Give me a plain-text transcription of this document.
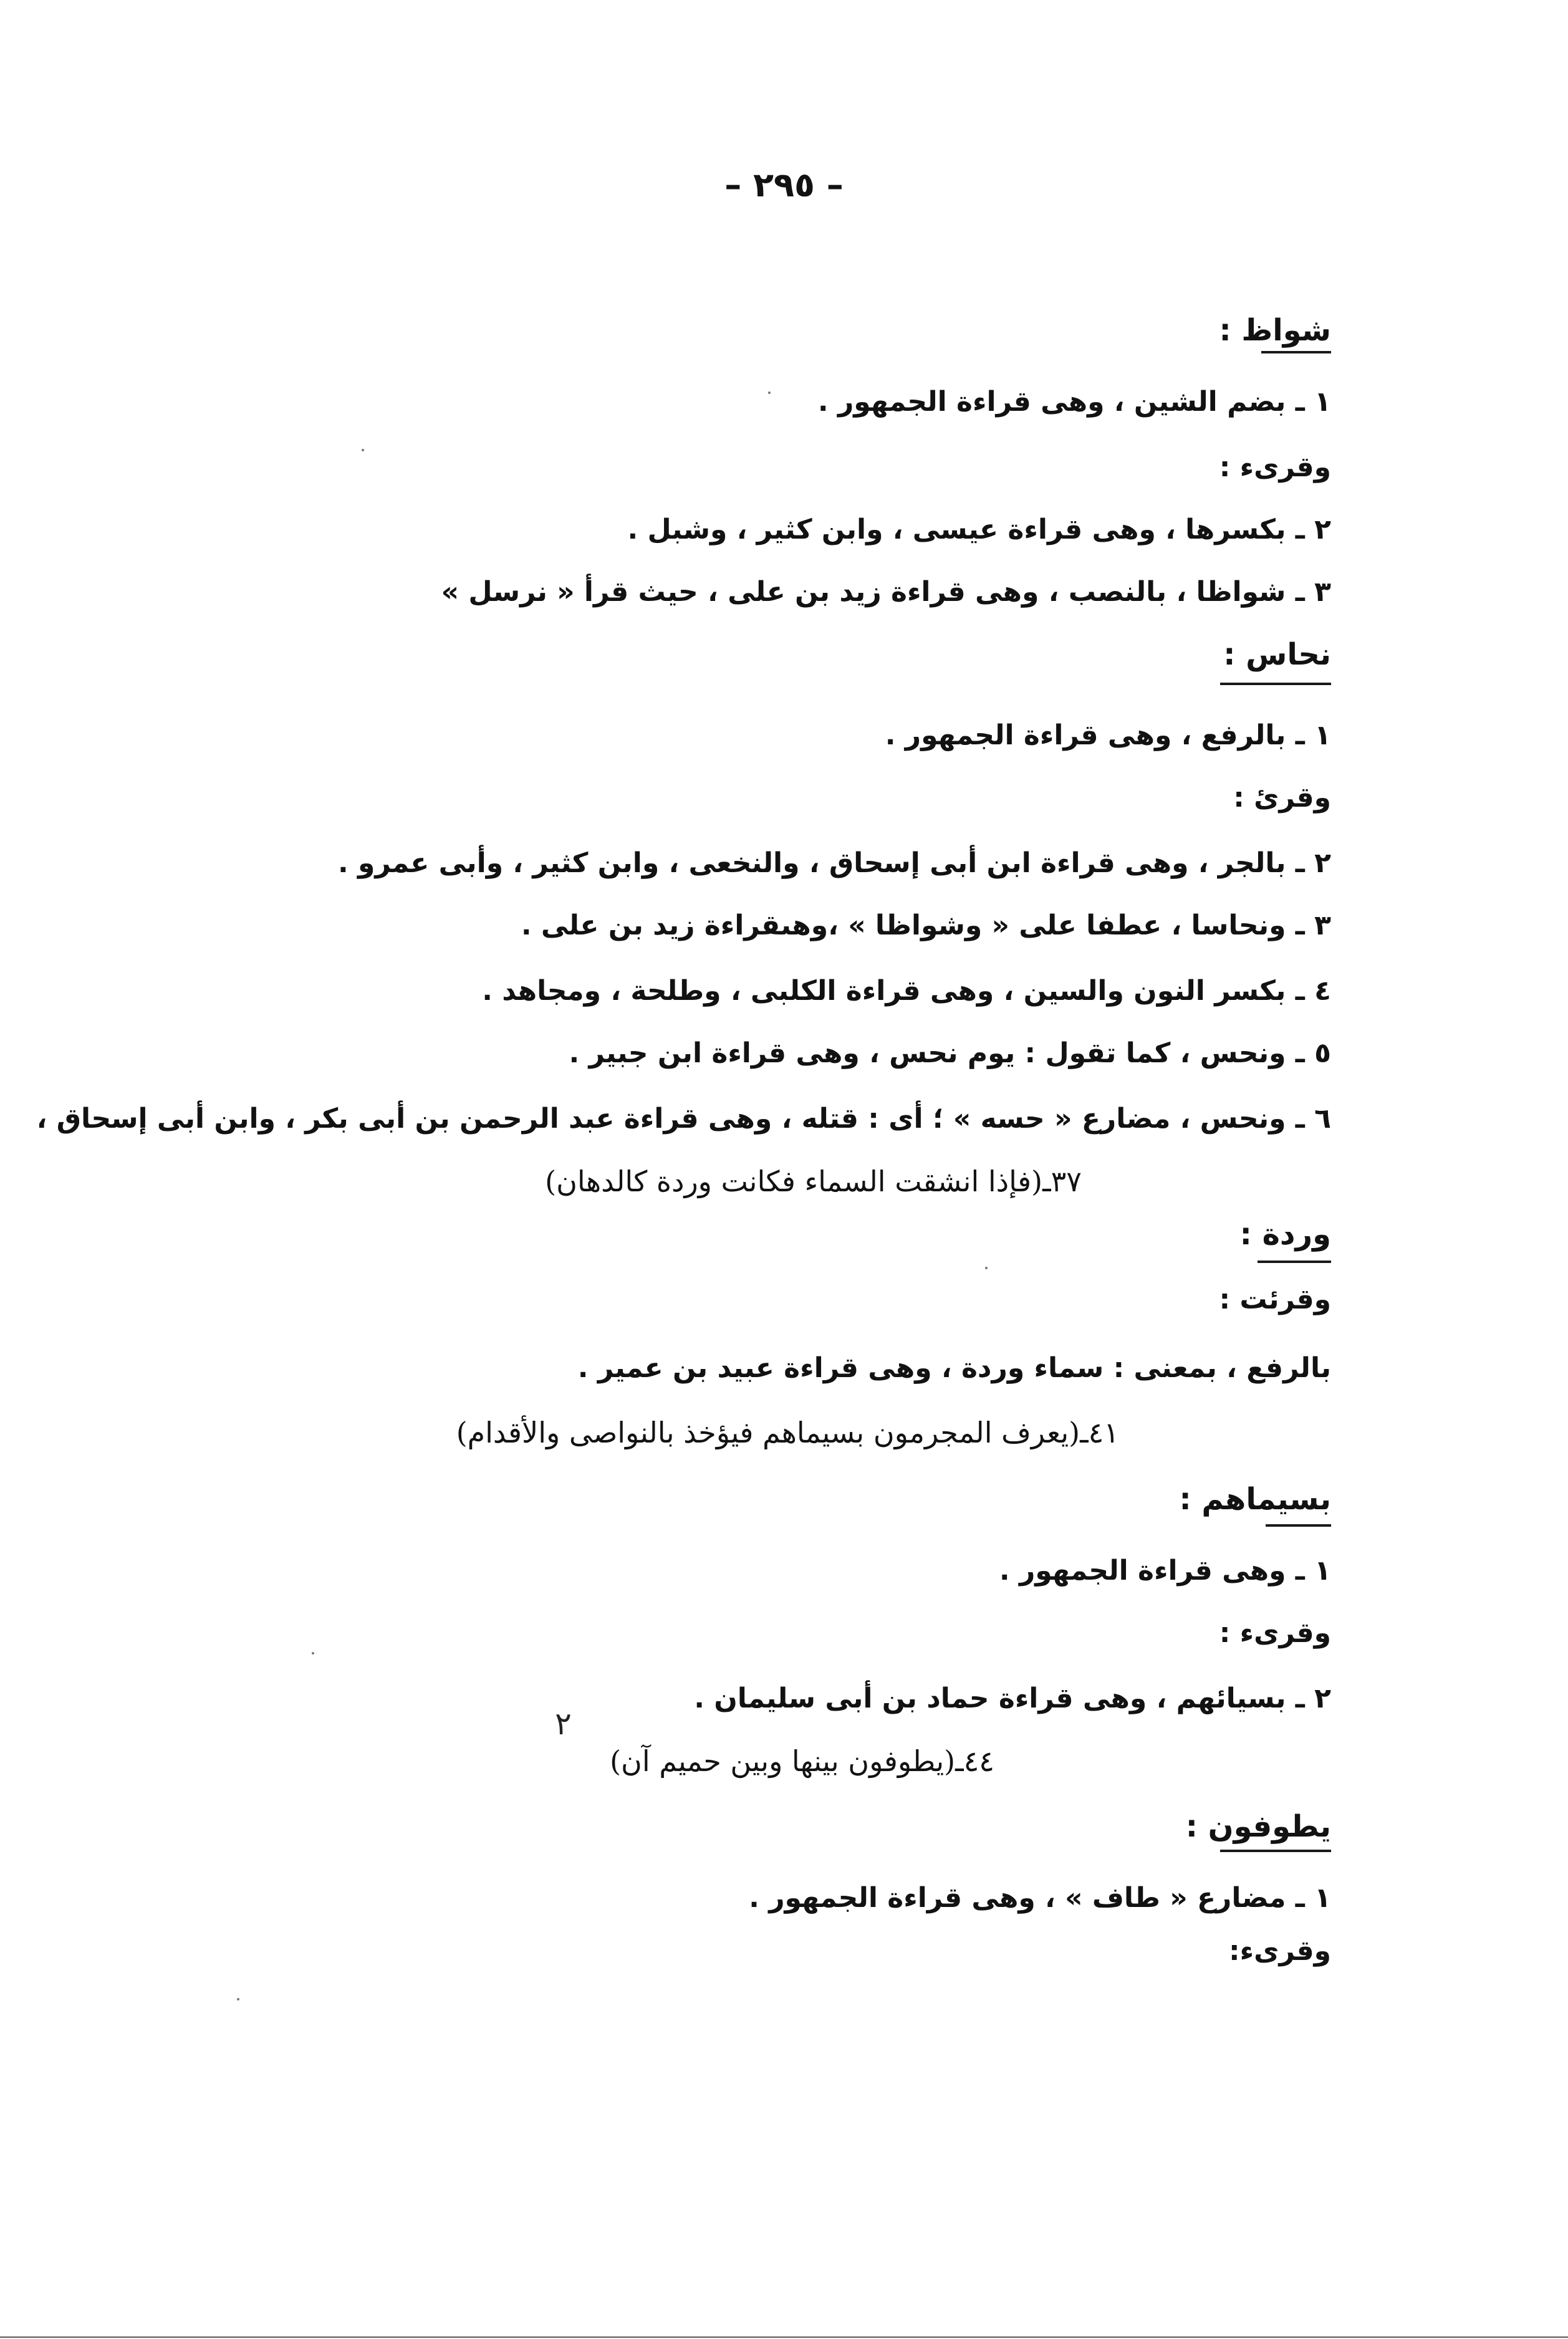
– ٢٩٥ –
شواظ :
١ ـ بضم الشين ، وهى قراءة الجمهور .
وقرىء :
٢ ـ بكسرها ، وهى قراءة عيسى ، وابن كثير ، وشبل .
٣ ـ شواظا ، بالنصب ، وهى قراءة زيد بن على ، حيث قرأ « نرسل »
نحاس :
١ ـ بالرفع ، وهى قراءة الجمهور .
وقرئ :
٢ ـ بالجر ، وهى قراءة ابن أبى إسحاق ، والنخعى ، وابن كثير ، وأبى عمرو .
٣ ـ ونحاسا ، عطفا على « وشواظا » ،وهىقراءة زيد بن على .
٤ ـ بكسر النون والسين ، وهى قراءة الكلبى ، وطلحة ، ومجاهد .
٥ ـ ونحس ، كما تقول : يوم نحس ، وهى قراءة ابن جبير .
٦ ـ ونحس ، مضارع « حسه » ؛ أى : قتله ، وهى قراءة عبد الرحمن بن أبى بكر ، وابن أبى إسحاق ،
٣٧ـ(فإذا انشقت السماء فكانت وردة كالدهان)
وردة :
وقرئت :
بالرفع ، بمعنى : سماء وردة ، وهى قراءة عبيد بن عمير .
٤١ـ(يعرف المجرمون بسيماهم فيؤخذ بالنواصى والأقدام)
بسيماهم :
١ ـ وهى قراءة الجمهور .
وقرىء :
٢ ـ بسيائهم ، وهى قراءة حماد بن أبى سليمان .
٤٤ـ(يطوفون بينها وبين حميم آن)
٢
يطوفون :
١ ـ مضارع « طاف » ، وهى قراءة الجمهور .
وقرىء:
